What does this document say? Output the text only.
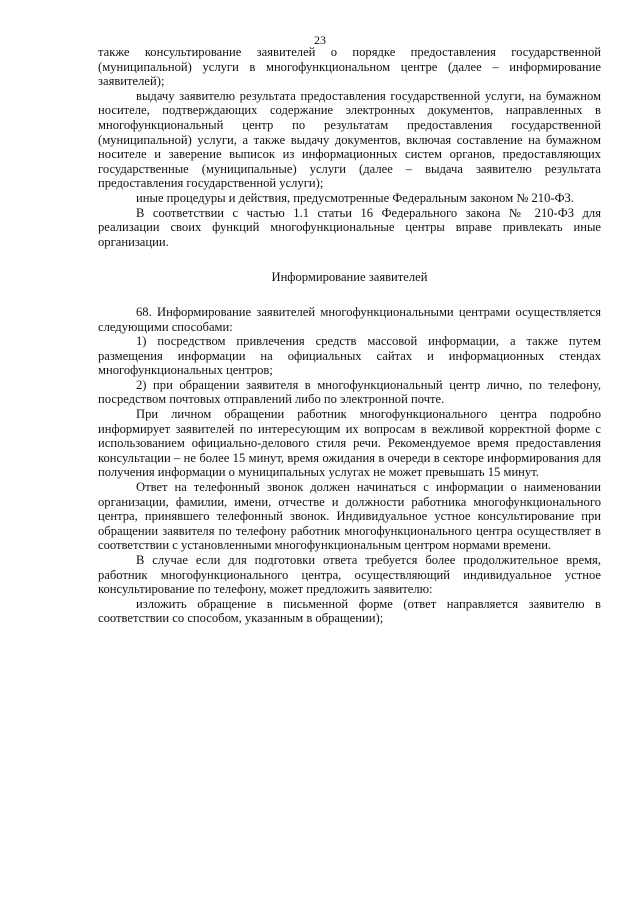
23

также консультирование заявителей о порядке предоставления государственной (муниципальной) услуги в многофункциональном центре (далее – информирование заявителей);

выдачу заявителю результата предоставления государственной услуги, на бумажном носителе, подтверждающих содержание электронных документов, направленных в многофункциональный центр по результатам предоставления государственной (муниципальной) услуги, а также выдачу документов, включая составление на бумажном носителе и заверение выписок из информационных систем органов, предоставляющих государственные (муниципальные) услуги (далее – выдача заявителю результата предоставления государственной услуги);

иные процедуры и действия, предусмотренные Федеральным законом № 210-ФЗ.

В соответствии с частью 1.1 статьи 16 Федерального закона № 210-ФЗ для реализации своих функций многофункциональные центры вправе привлекать иные организации.

Информирование заявителей

68. Информирование заявителей многофункциональными центрами осуществляется следующими способами:

1) посредством привлечения средств массовой информации, а также путем размещения информации на официальных сайтах и информационных стендах многофункциональных центров;

2) при обращении заявителя в многофункциональный центр лично, по телефону, посредством почтовых отправлений либо по электронной почте.

При личном обращении работник многофункционального центра подробно информирует заявителей по интересующим их вопросам в вежливой корректной форме с использованием официально-делового стиля речи. Рекомендуемое время предоставления консультации – не более 15 минут, время ожидания в очереди в секторе информирования для получения информации о муниципальных услугах не может превышать 15 минут.

Ответ на телефонный звонок должен начинаться с информации о наименовании организации, фамилии, имени, отчестве и должности работника многофункционального центра, принявшего телефонный звонок. Индивидуальное устное консультирование при обращении заявителя по телефону работник многофункционального центра осуществляет в соответствии с установленными многофункциональным центром нормами времени.

В случае если для подготовки ответа требуется более продолжительное время, работник многофункционального центра, осуществляющий индивидуальное устное консультирование по телефону, может предложить заявителю:

изложить обращение в письменной форме (ответ направляется заявителю в соответствии со способом, указанным в обращении);
